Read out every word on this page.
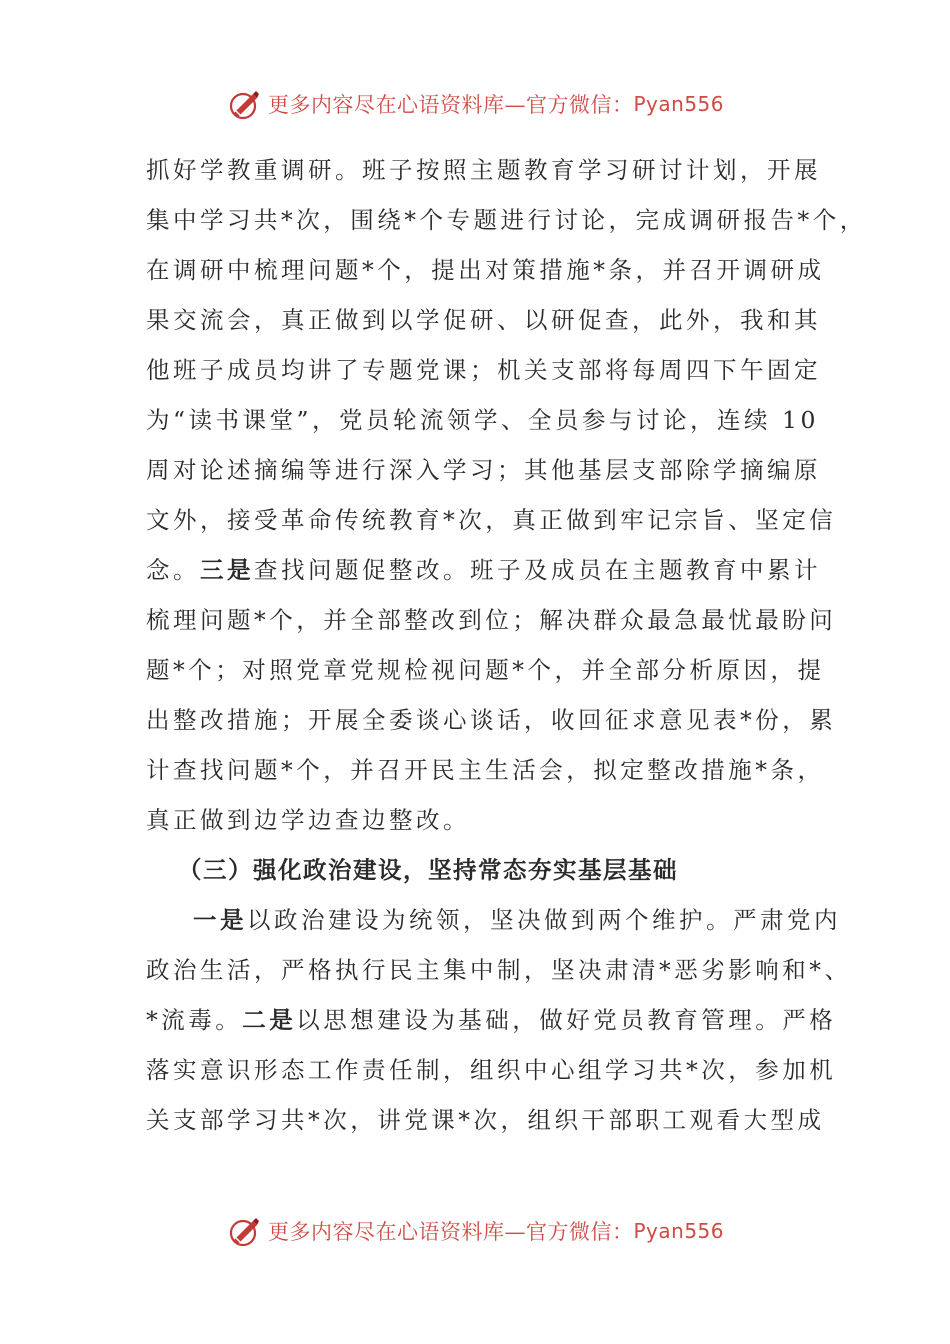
更多内容尽在心语资料库—官方微信： Pyan556
抓好学教重调研。班子按照主题教育学习研讨计划，开展
集中学习共*次，围绕*个专题进行讨论，完成调研报告*个，
在调研中梳理问题*个，提出对策措施*条，并召开调研成
果交流会，真正做到以学促研、以研促查，此外，我和其
他班子成员均讲了专题党课；机关支部将每周四下午固定
为“读书课堂”，党员轮流领学、全员参与讨论，连续 10
周对论述摘编等进行深入学习；其他基层支部除学摘编原
文外，接受革命传统教育*次，真正做到牢记宗旨、坚定信
念。三是查找问题促整改。班子及成员在主题教育中累计
梳理问题*个，并全部整改到位；解决群众最急最忧最盼问
题*个；对照党章党规检视问题*个，并全部分析原因，提
出整改措施；开展全委谈心谈话，收回征求意见表*份，累
计查找问题*个，并召开民主生活会，拟定整改措施*条，
真正做到边学边查边整改。
（三）强化政治建设，坚持常态夯实基层基础
一是以政治建设为统领，坚决做到两个维护。严肃党内
政治生活，严格执行民主集中制，坚决肃清*恶劣影响和*、
*流毒。二是以思想建设为基础，做好党员教育管理。严格
落实意识形态工作责任制，组织中心组学习共*次，参加机
关支部学习共*次，讲党课*次，组织干部职工观看大型成
更多内容尽在心语资料库—官方微信： Pyan556
